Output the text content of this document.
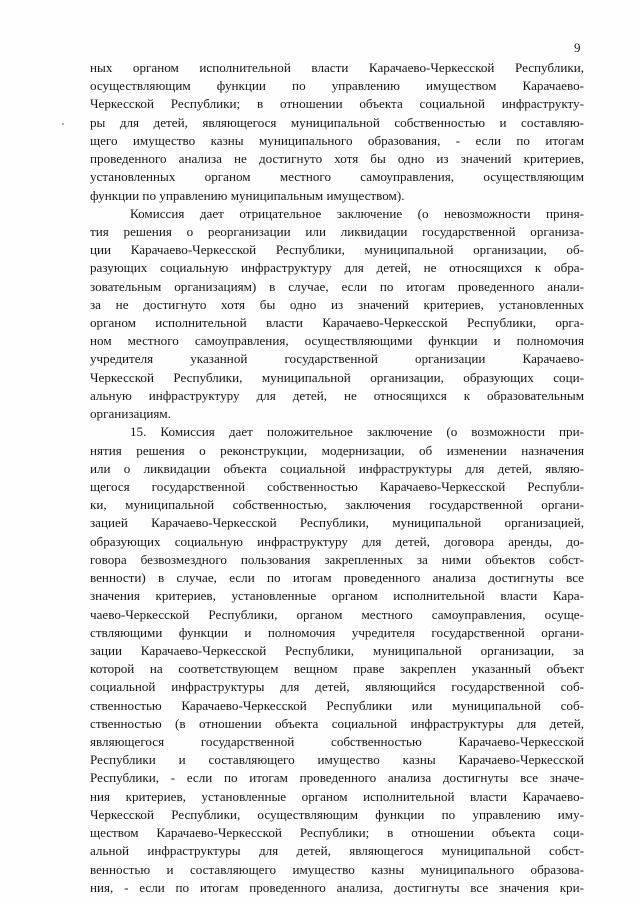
9
ных органом исполнительной власти Карачаево-Черкесской Республики,
осуществляющим функции по управлению имуществом Карачаево-
Черкесской Республики; в отношении объекта социальной инфраструкту-
ры для детей, являющегося муниципальной собственностью и составляю-
щего имущество казны муниципального образования, - если по итогам
проведенного анализа не достигнуто хотя бы одно из значений критериев,
установленных органом местного самоуправления, осуществляющим
функции по управлению муниципальным имуществом).
Комиссия дает отрицательное заключение (о невозможности приня-
тия решения о реорганизации или ликвидации государственной организа-
ции Карачаево-Черкесской Республики, муниципальной организации, об-
разующих социальную инфраструктуру для детей, не относящихся к обра-
зовательным организациям) в случае, если по итогам проведенного анали-
за не достигнуто хотя бы одно из значений критериев, установленных
органом исполнительной власти Карачаево-Черкесской Республики, орга-
ном местного самоуправления, осуществляющими функции и полномочия
учредителя указанной государственной организации Карачаево-
Черкесской Республики, муниципальной организации, образующих соци-
альную инфраструктуру для детей, не относящихся к образовательным
организациям.
15. Комиссия дает положительное заключение (о возможности при-
нятия решения о реконструкции, модернизации, об изменении назначения
или о ликвидации объекта социальной инфраструктуры для детей, являю-
щегося государственной собственностью Карачаево-Черкесской Республи-
ки, муниципальной собственностью, заключения государственной органи-
зацией Карачаево-Черкесской Республики, муниципальной организацией,
образующих социальную инфраструктуру для детей, договора аренды, до-
говора безвозмездного пользования закрепленных за ними объектов собст-
венности) в случае, если по итогам проведенного анализа достигнуты все
значения критериев, установленные органом исполнительной власти Кара-
чаево-Черкесской Республики, органом местного самоуправления, осуще-
ствляющими функции и полномочия учредителя государственной органи-
зации Карачаево-Черкесской Республики, муниципальной организации, за
которой на соответствующем вещном праве закреплен указанный объект
социальной инфраструктуры для детей, являющийся государственной соб-
ственностью Карачаево-Черкесской Республики или муниципальной соб-
ственностью (в отношении объекта социальной инфраструктуры для детей,
являющегося государственной собственностью Карачаево-Черкесской
Республики и составляющего имущество казны Карачаево-Черкесской
Республики, - если по итогам проведенного анализа достигнуты все значе-
ния критериев, установленные органом исполнительной власти Карачаево-
Черкесской Республики, осуществляющим функции по управлению иму-
ществом Карачаево-Черкесской Республики; в отношении объекта соци-
альной инфраструктуры для детей, являющегося муниципальной собст-
венностью и составляющего имущество казны муниципального образова-
ния, - если по итогам проведенного анализа, достигнуты все значения кри-
